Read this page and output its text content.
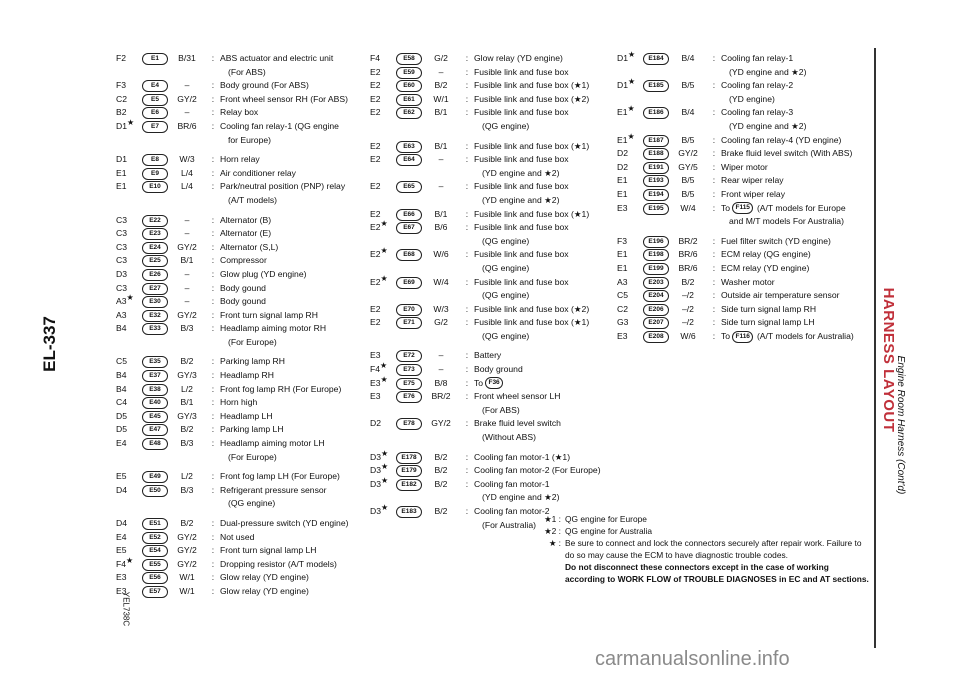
EL-337
YEL738C
F2	E1	B/31	: ABS actuator and electric unit
(For ABS)
F3	E4	–	: Body ground (For ABS)
C2	E5	GY/2	: Front wheel sensor RH (For ABS)
B2	E6	–	: Relay box
D1★	E7	BR/6	: Cooling fan relay-1 (QG engine
for Europe)
D1	E8	W/3	: Horn relay
E1	E9	L/4	: Air conditioner relay
E1	E10	L/4	: Park/neutral position (PNP) relay
(A/T models)
C3	E22	–	: Alternator (B)
C3	E23	–	: Alternator (E)
C3	E24	GY/2	: Alternator (S,L)
C3	E25	B/1	: Compressor
D3	E26	–	: Glow plug (YD engine)
C3	E27	–	: Body gound
A3★	E30	–	: Body gound
A3	E32	GY/2	: Front turn signal lamp RH
B4	E33	B/3	: Headlamp aiming motor RH
(For Europe)
C5	E35	B/2	: Parking lamp RH
B4	E37	GY/3	: Headlamp RH
B4	E38	L/2	: Front fog lamp RH (For Europe)
C4	E40	B/1	: Horn high
D5	E45	GY/3	: Headlamp LH
D5	E47	B/2	: Parking lamp LH
E4	E48	B/3	: Headlamp aiming motor LH
(For Europe)
E5	E49	L/2	: Front fog lamp LH (For Europe)
D4	E50	B/3	: Refrigerant pressure sensor
(QG engine)
D4	E51	B/2	: Dual-pressure switch (YD engine)
E4	E52	GY/2	: Not used
E5	E54	GY/2	: Front turn signal lamp LH
F4★	E55	GY/2	: Dropping resistor (A/T models)
E3	E56	W/1	: Glow relay (YD engine)
E3	E57	W/1	: Glow relay (YD engine)
F4	E58	G/2	: Glow relay (YD engine)
E2	E59	–	: Fusible link and fuse box
E2	E60	B/2	: Fusible link and fuse box (★1)
E2	E61	W/1	: Fusible link and fuse box (★2)
E2	E62	B/1	: Fusible link and fuse box
(QG engine)
E2	E63	B/1	: Fusible link and fuse box (★1)
E2	E64	–	: Fusible link and fuse box
(YD engine and ★2)
E2	E65	–	: Fusible link and fuse box
(YD engine and ★2)
E2	E66	B/1	: Fusible link and fuse box (★1)
E2★	E67	B/6	: Fusible link and fuse box
(QG engine)
E2★	E68	W/6	: Fusible link and fuse box
(QG engine)
E2★	E69	W/4	: Fusible link and fuse box
(QG engine)
E2	E70	W/3	: Fusible link and fuse box (★2)
E2	E71	G/2	: Fusible link and fuse box (★1)
(QG engine)
E3	E72	–	: Battery
F4★	E73	–	: Body ground
E3★	E75	B/8	: To F36
E3	E76	BR/2	: Front wheel sensor LH
(For ABS)
D2	E78	GY/2	: Brake fluid level switch
(Without ABS)
D3★	E178	B/2	: Cooling fan motor-1 (★1)
D3★	E179	B/2	: Cooling fan motor-2 (For Europe)
D3★	E182	B/2	: Cooling fan motor-1
(YD engine and ★2)
D3★	E183	B/2	: Cooling fan motor-2
(For Australia)
D1★	E184	B/4	: Cooling fan relay-1
(YD engine and ★2)
D1★	E185	B/5	: Cooling fan relay-2
(YD engine)
E1★	E186	B/4	: Cooling fan relay-3
(YD engine and ★2)
E1★	E187	B/5	: Cooling fan relay-4 (YD engine)
D2	E188	GY/2	: Brake fluid level switch (With ABS)
D2	E191	GY/5	: Wiper motor
E1	E193	B/5	: Rear wiper relay
E1	E194	B/5	: Front wiper relay
E3	E195	W/4	: To F115 (A/T models for Europe
and M/T models For Australia)
F3	E196	BR/2	: Fuel filter switch (YD engine)
E1	E198	BR/6	: ECM relay (QG engine)
E1	E199	BR/6	: ECM relay (YD engine)
A3	E203	B/2	: Washer motor
C5	E204	–/2	: Outside air temperature sensor
C2	E206	–/2	: Side turn signal lamp RH
G3	E207	–/2	: Side turn signal lamp LH
E3	E208	W/6	: To F116 (A/T models for Australia)
★1 : QG engine for Europe
★2 : QG engine for Australia
★ : Be sure to connect and lock the connectors securely after repair work. Failure to do so may cause the ECM to have diagnostic trouble codes.
Do not disconnect these connectors except in the case of working according to WORK FLOW of TROUBLE DIAGNOSES in EC and AT sections.
HARNESS LAYOUT
Engine Room Harness (Cont'd)
carmanualsonline.info
